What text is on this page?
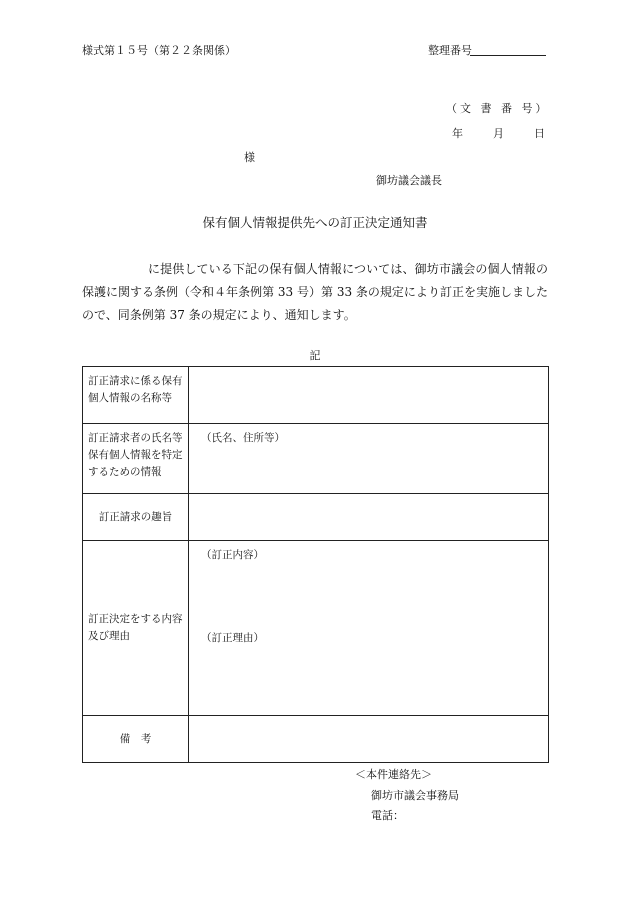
様式第１５号（第２２条関係）	整理番号
（文 書 番 号）
年	月	日
様
御坊議会議長
保有個人情報提供先への訂正決定通知書
に提供している下記の保有個人情報については、御坊市議会の個人情報の保護に関する条例（令和４年条例第 33 号）第 33 条の規定により訂正を実施しましたので、同条例第 37 条の規定により、通知します。
記
訂正請求に係る保有個人情報の名称等	
訂正請求者の氏名等保有個人情報を特定するための情報	（氏名、住所等）
訂正請求の趣旨	
訂正決定をする内容及び理由	（訂正内容）
（訂正理由）

備　考	
＜本件連絡先＞
御坊市議会事務局
電話：
